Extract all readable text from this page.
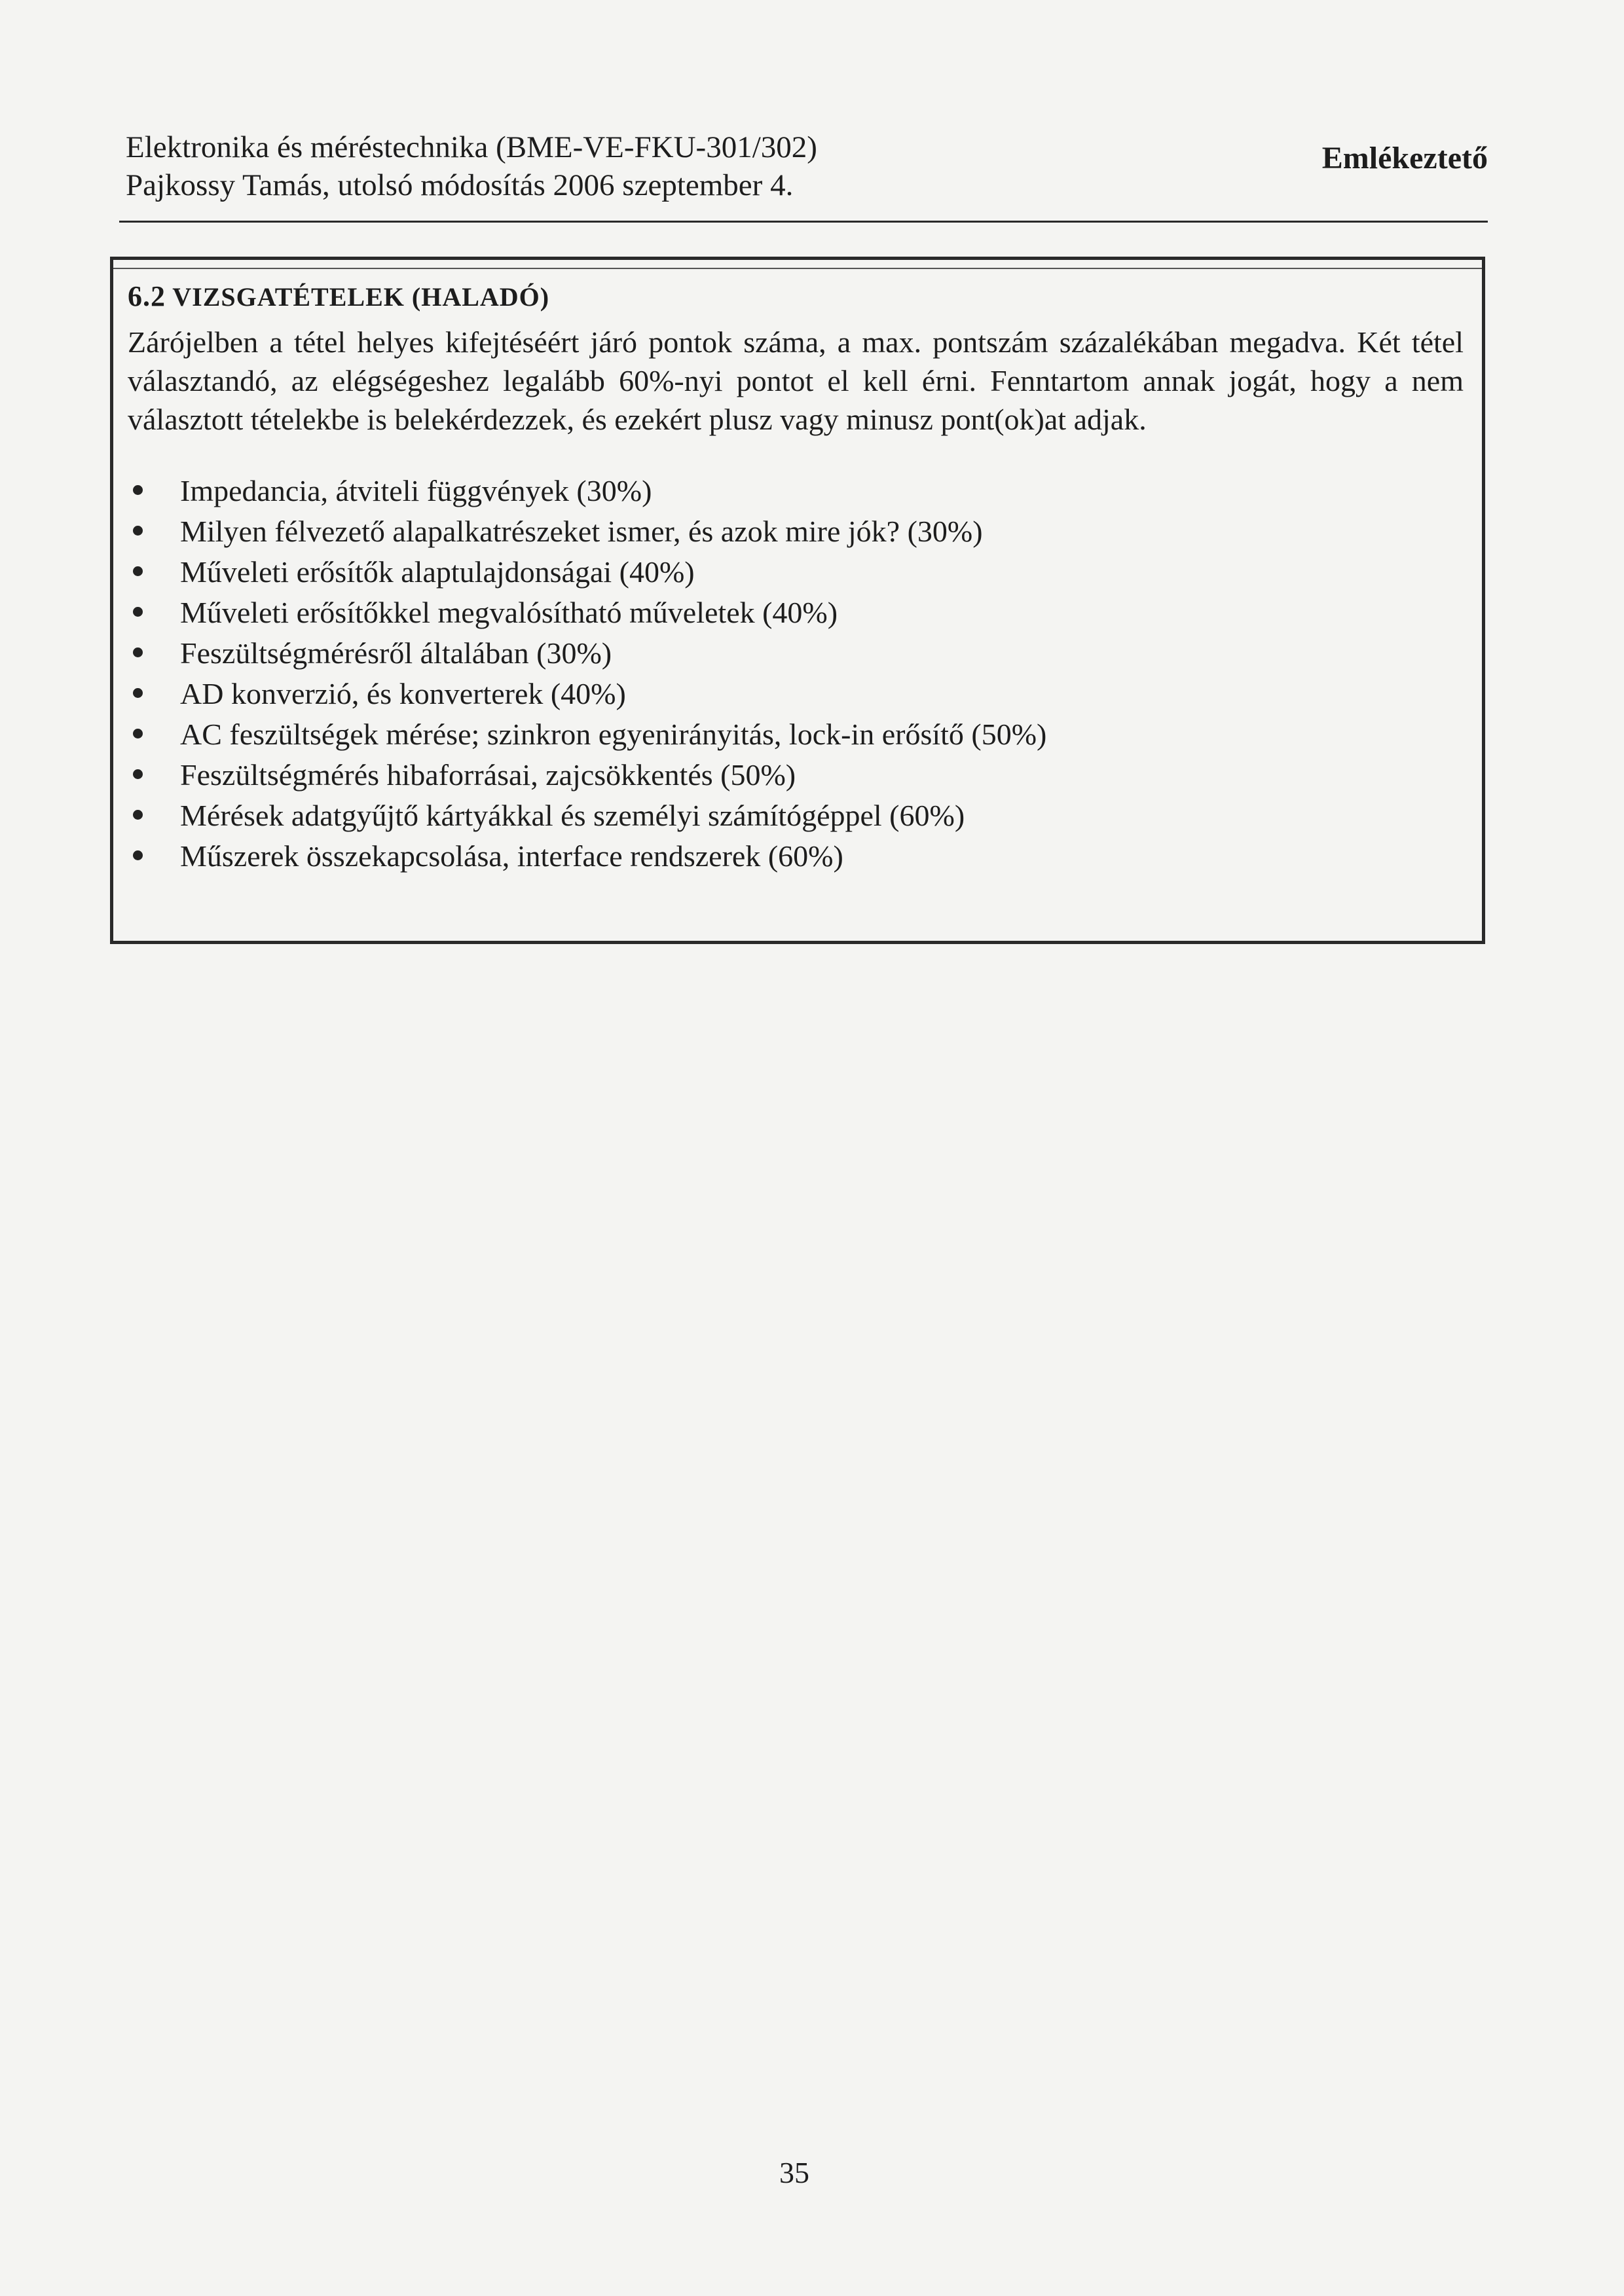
Elektronika és méréstechnika (BME-VE-FKU-301/302)
Pajkossy Tamás, utolsó módosítás 2006 szeptember 4.
Emlékeztető
6.2 VIZSGATÉTELEK (HALADÓ)
Zárójelben a tétel helyes kifejtéséért járó pontok száma, a max. pontszám százalékában megadva. Két tétel választandó, az elégségeshez legalább 60%-nyi pontot el kell érni. Fenntartom annak jogát, hogy a nem választott tételekbe is belekérdezzek, és ezekért plusz vagy minusz pont(ok)at adjak.
Impedancia, átviteli függvények (30%)
Milyen félvezető alapalkatrészeket ismer, és azok mire jók? (30%)
Műveleti erősítők alaptulajdonságai (40%)
Műveleti erősítőkkel megvalósítható műveletek (40%)
Feszültségmérésről általában (30%)
AD konverzió, és konverterek (40%)
AC feszültségek mérése; szinkron egyenirányitás, lock-in erősítő (50%)
Feszültségmérés hibaforrásai, zajcsökkentés (50%)
Mérések adatgyűjtő kártyákkal és személyi számítógéppel (60%)
Műszerek összekapcsolása, interface rendszerek (60%)
35
